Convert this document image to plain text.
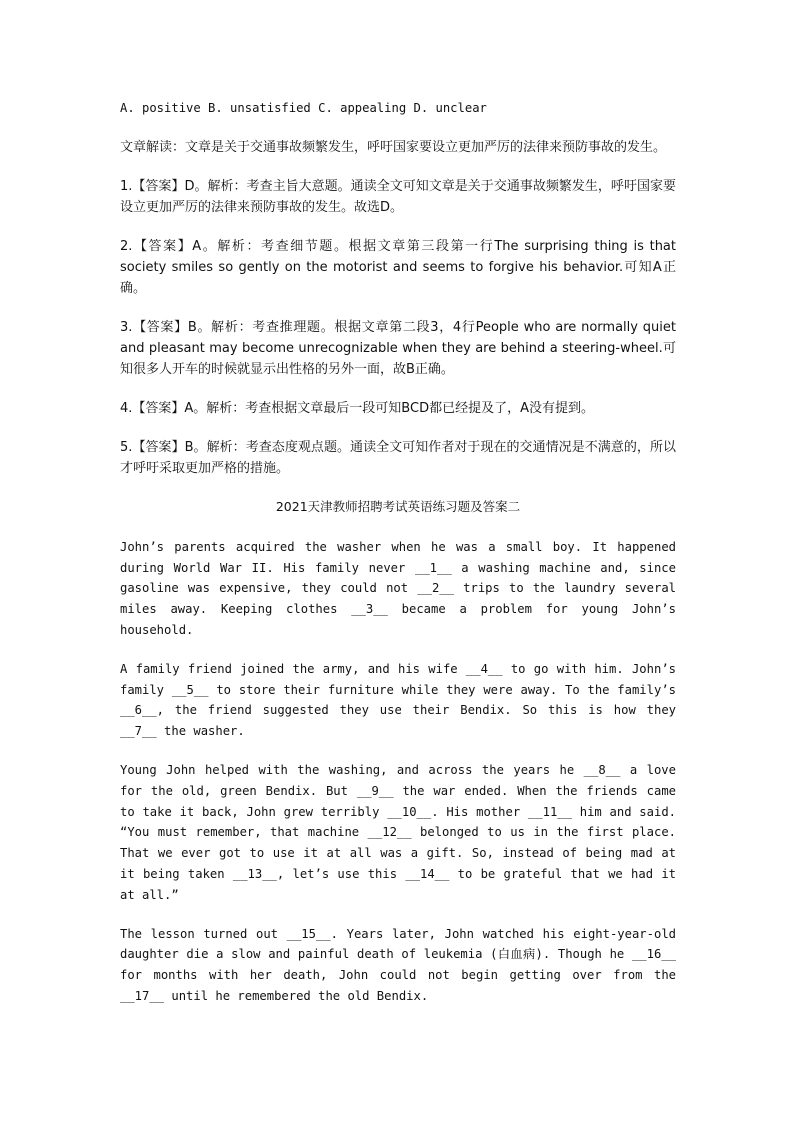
A. positive B. unsatisfied C. appealing D. unclear

文章解读：文章是关于交通事故频繁发生，呼吁国家要设立更加严厉的法律来预防事故的发生。

1.【答案】D。解析：考查主旨大意题。通读全文可知文章是关于交通事故频繁发生，呼吁国家要设立更加严厉的法律来预防事故的发生。故选D。

2.【答案】A。解析：考查细节题。根据文章第三段第一行The surprising thing is that society smiles so gently on the motorist and seems to forgive his behavior.可知A正确。

3.【答案】B。解析：考查推理题。根据文章第二段3，4行People who are normally quiet and pleasant may become unrecognizable when they are behind a steering-wheel.可知很多人开车的时候就显示出性格的另外一面，故B正确。

4.【答案】A。解析：考查根据文章最后一段可知BCD都已经提及了，A没有提到。

5.【答案】B。解析：考查态度观点题。通读全文可知作者对于现在的交通情况是不满意的，所以才呼吁采取更加严格的措施。

2021天津教师招聘考试英语练习题及答案二

John’s parents acquired the washer when he was a small boy. It happened during World War II. His family never __1__ a washing machine and, since gasoline was expensive, they could not __2__ trips to the laundry several miles away. Keeping clothes __3__ became a problem for young John’s household.

A family friend joined the army, and his wife __4__ to go with him. John’s family __5__ to store their furniture while they were away. To the family’s __6__, the friend suggested they use their Bendix. So this is how they __7__ the washer.

Young John helped with the washing, and across the years he __8__ a love for the old, green Bendix. But __9__ the war ended. When the friends came to take it back, John grew terribly __10__. His mother __11__ him and said. “You must remember, that machine __12__ belonged to us in the first place. That we ever got to use it at all was a gift. So, instead of being mad at it being taken __13__, let’s use this __14__ to be grateful that we had it at all.”

The lesson turned out __15__. Years later, John watched his eight-year-old daughter die a slow and painful death of leukemia (白血病). Though he __16__ for months with her death, John could not begin getting over from the __17__ until he remembered the old Bendix.
